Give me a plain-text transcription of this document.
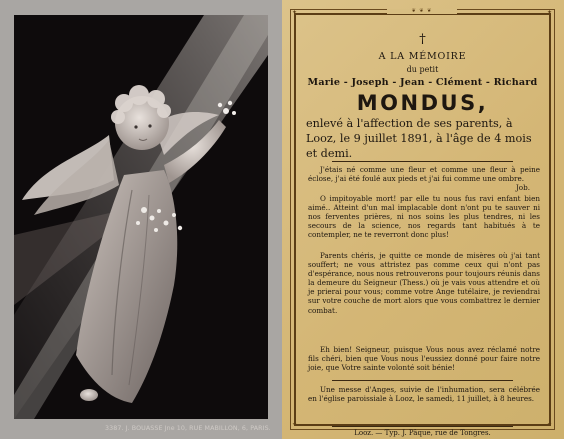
3387. J. BOUASSE Jne 10, RUE MABILLON, 6, PARIS.
✦	✦
✦	✦
❦ ❦ ❦
†
A LA MÉMOIRE
du petit
Marie - Joseph - Jean - Clément - Richard
MONDUS,
enlevé à l'affection de ses parents, à Looz, le 9 juillet 1891, à l'âge de 4 mois et demi.
J'étais né comme une fleur et comme une fleur à peine éclose, j'ai été foulé aux pieds et j'ai fui comme une ombre.
Job.
O impitoyable mort! par elle tu nous fus ravi enfant bien aimé.. Atteint d'un mal implacable dont n'ont pu te sauver ni nos ferventes prières, ni nos soins les plus tendres, ni les secours de la science, nos regards tant habitués à te contempler, ne te reverront donc plus!
Parents chéris, je quitte ce monde de misères où j'ai tant souffert; ne vous attristez pas comme ceux qui n'ont pas d'espérance, nous nous retrouverons pour toujours réunis dans la demeure du Seigneur (Thess.) où je vais vous attendre et où je prierai pour vous; comme votre Ange tutélaire, je reviendrai sur votre couche de mort alors que vous combattrez le dernier combat.
Eh bien! Seigneur, puisque Vous nous avez réclamé notre fils chéri, bien que Vous nous l'eussiez donné pour faire notre joie, que Votre sainte volonté soit bénie!
Une messe d'Anges, suivie de l'inhumation, sera célébrée en l'église paroissiale à Looz, le samedi, 11 juillet, à 8 heures.
Looz. — Typ. J. Pâque, rue de Tongres.
